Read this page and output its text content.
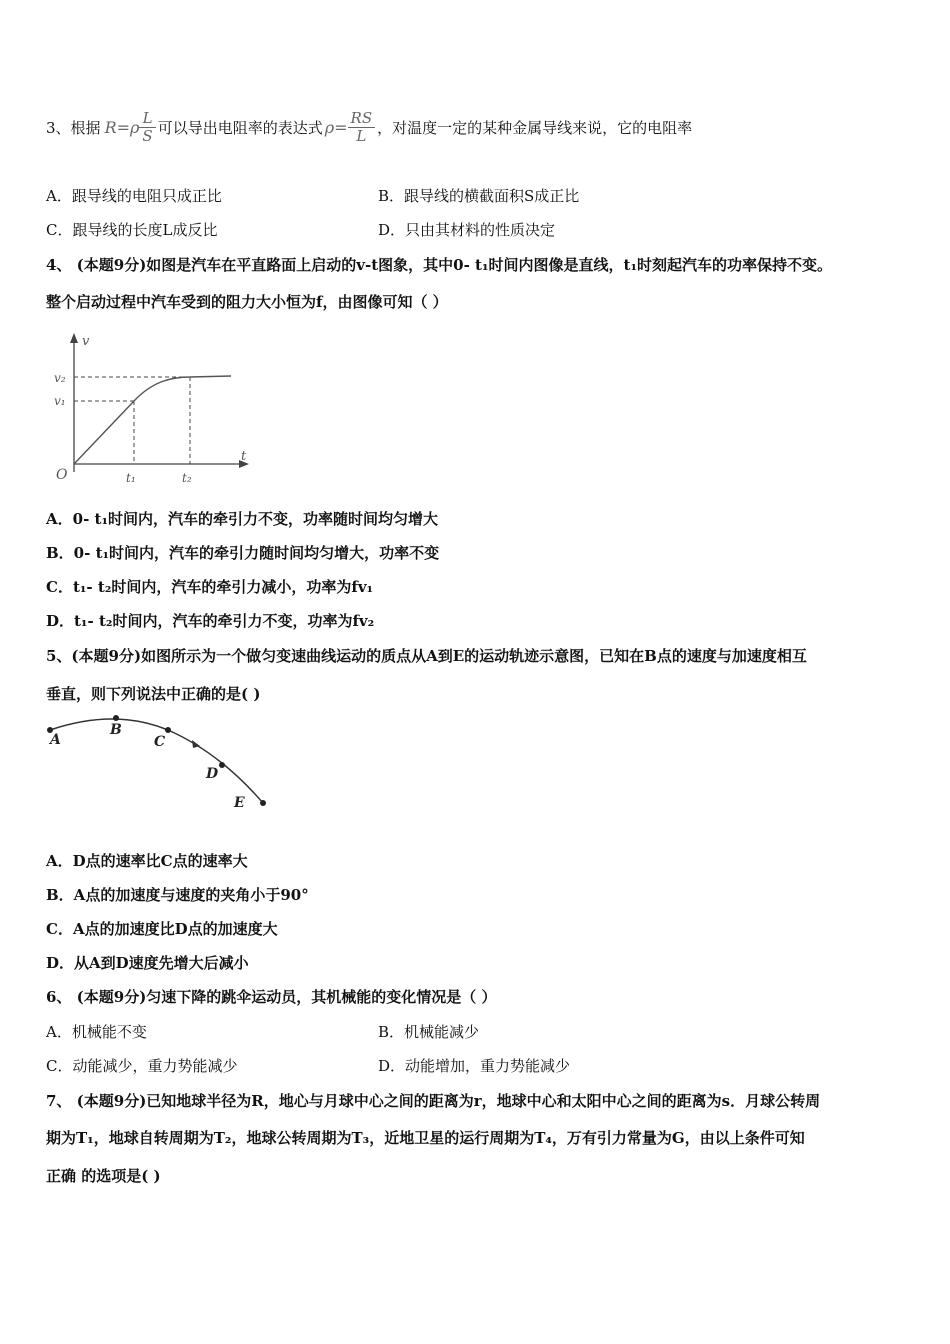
3、 根据 $R=\rho \frac{L}{S}$ 可以导出电阻率的表达式 $\rho= \frac{RS}{L}$ ，对温度一定的某种金属导线来说，它的电阻率
A．跟导线的电阻只成正比	B．跟导线的横截面积S成正比
C．跟导线的长度L成反比	D．只由其材料的性质决定
4、 (本题9分)如图是汽车在平直路面上启动的v-t图象，其中0- t₁时间内图像是直线，t₁时刻起汽车的功率保持不变。
整个启动过程中汽车受到的阻力大小恒为f，由图像可知（ ）
v
t
O
v₂
v₁
t₁	t₂
A．0- t₁时间内，汽车的牵引力不变，功率随时间均匀增大
B．0- t₁时间内，汽车的牵引力随时间均匀增大，功率不变
C．t₁- t₂时间内，汽车的牵引力减小，功率为fv₁
D．t₁- t₂时间内，汽车的牵引力不变，功率为fv₂
5、(本题9分)如图所示为一个做匀变速曲线运动的质点从A到E的运动轨迹示意图，已知在B点的速度与加速度相互
垂直，则下列说法中正确的是( )
A
B
C
D
E
A．D点的速率比C点的速率大
B．A点的加速度与速度的夹角小于90°
C．A点的加速度比D点的加速度大
D．从A到D速度先增大后减小
6、 (本题9分)匀速下降的跳伞运动员，其机械能的变化情况是（ ）
A．机械能不变	B．机械能减少
C．动能减少，重力势能减少	D．动能增加，重力势能减少
7、 (本题9分)已知地球半径为R，地心与月球中心之间的距离为r，地球中心和太阳中心之间的距离为s．月球公转周
期为T₁，地球自转周期为T₂，地球公转周期为T₃，近地卫星的运行周期为T₄，万有引力常量为G，由以上条件可知
正确 的选项是( )
